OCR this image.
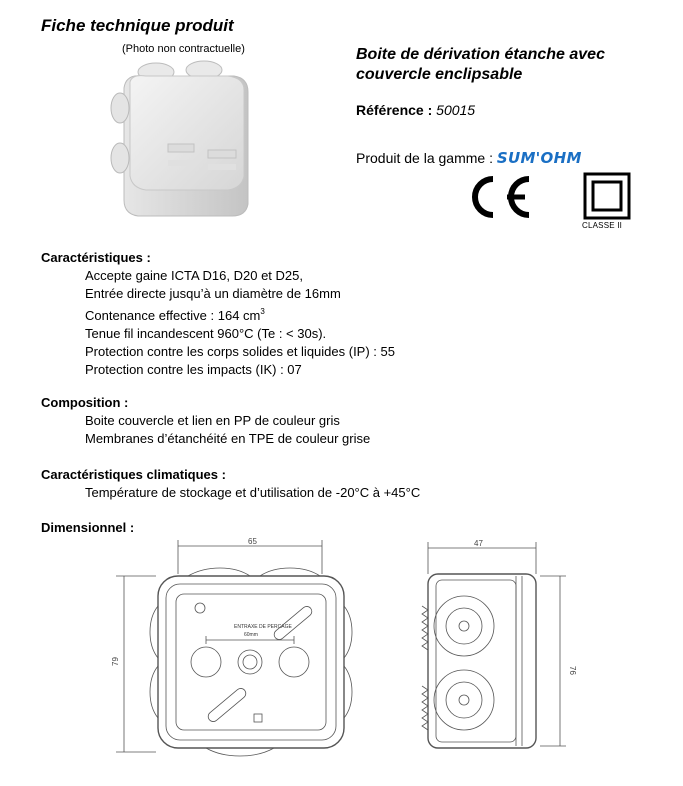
Fiche technique produit
(Photo non contractuelle)	Boite de dérivation étanche avec
couvercle enclipsable
Référence : 50015
Produit de la gamme : SUM'OHM
CLASSE II
Caractéristiques :
Accepte gaine ICTA D16, D20 et D25,
Entrée directe jusqu’à un diamètre de 16mm
Contenance effective : 164 $cm^3$
Tenue fil incandescent 960°C (Te : < 30s).
Protection contre les corps solides et liquides (IP) : 55
Protection contre les impacts (IK) : 07
Composition :
Boite couvercle et lien en PP de couleur gris
Membranes d’étanchéité en TPE de couleur grise
Caractéristiques climatiques :
Température de stockage et d’utilisation de -20°C à +45°C
Dimensionnel :
65
79
ENTRAXE DE PERCAGE
60mm
47
76
